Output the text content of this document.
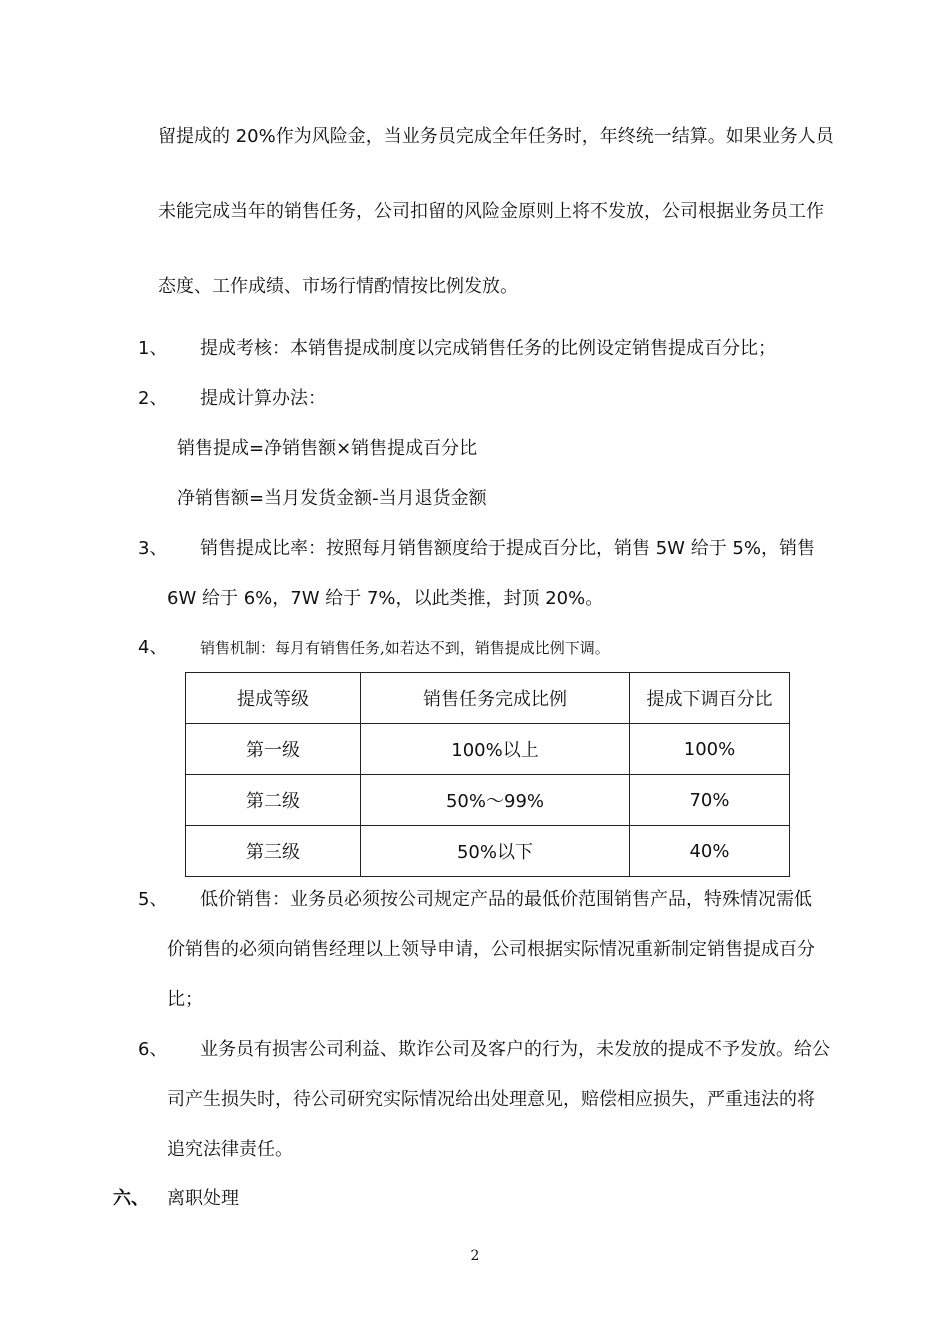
留提成的 20%作为风险金，当业务员完成全年任务时，年终统一结算。如果业务人员
未能完成当年的销售任务，公司扣留的风险金原则上将不发放，公司根据业务员工作
态度、工作成绩、市场行情酌情按比例发放。
1、 提成考核：本销售提成制度以完成销售任务的比例设定销售提成百分比；
2、 提成计算办法：
销售提成=净销售额×销售提成百分比
净销售额=当月发货金额-当月退货金额
3、 销售提成比率：按照每月销售额度给于提成百分比，销售 5W 给于 5%，销售
6W 给于 6%，7W 给于 7%，以此类推，封顶 20%。
4、 销售机制：每月有销售任务,如若达不到，销售提成比例下调。
提成等级	销售任务完成比例	提成下调百分比
第一级	100%以上	100%
第二级	50%～99%	70%
第三级	50%以下	40%
5、 低价销售：业务员必须按公司规定产品的最低价范围销售产品，特殊情况需低
价销售的必须向销售经理以上领导申请，公司根据实际情况重新制定销售提成百分
比；
6、 业务员有损害公司利益、欺诈公司及客户的行为，未发放的提成不予发放。给公
司产生损失时，待公司研究实际情况给出处理意见，赔偿相应损失，严重违法的将
追究法律责任。
六、 离职处理
2
